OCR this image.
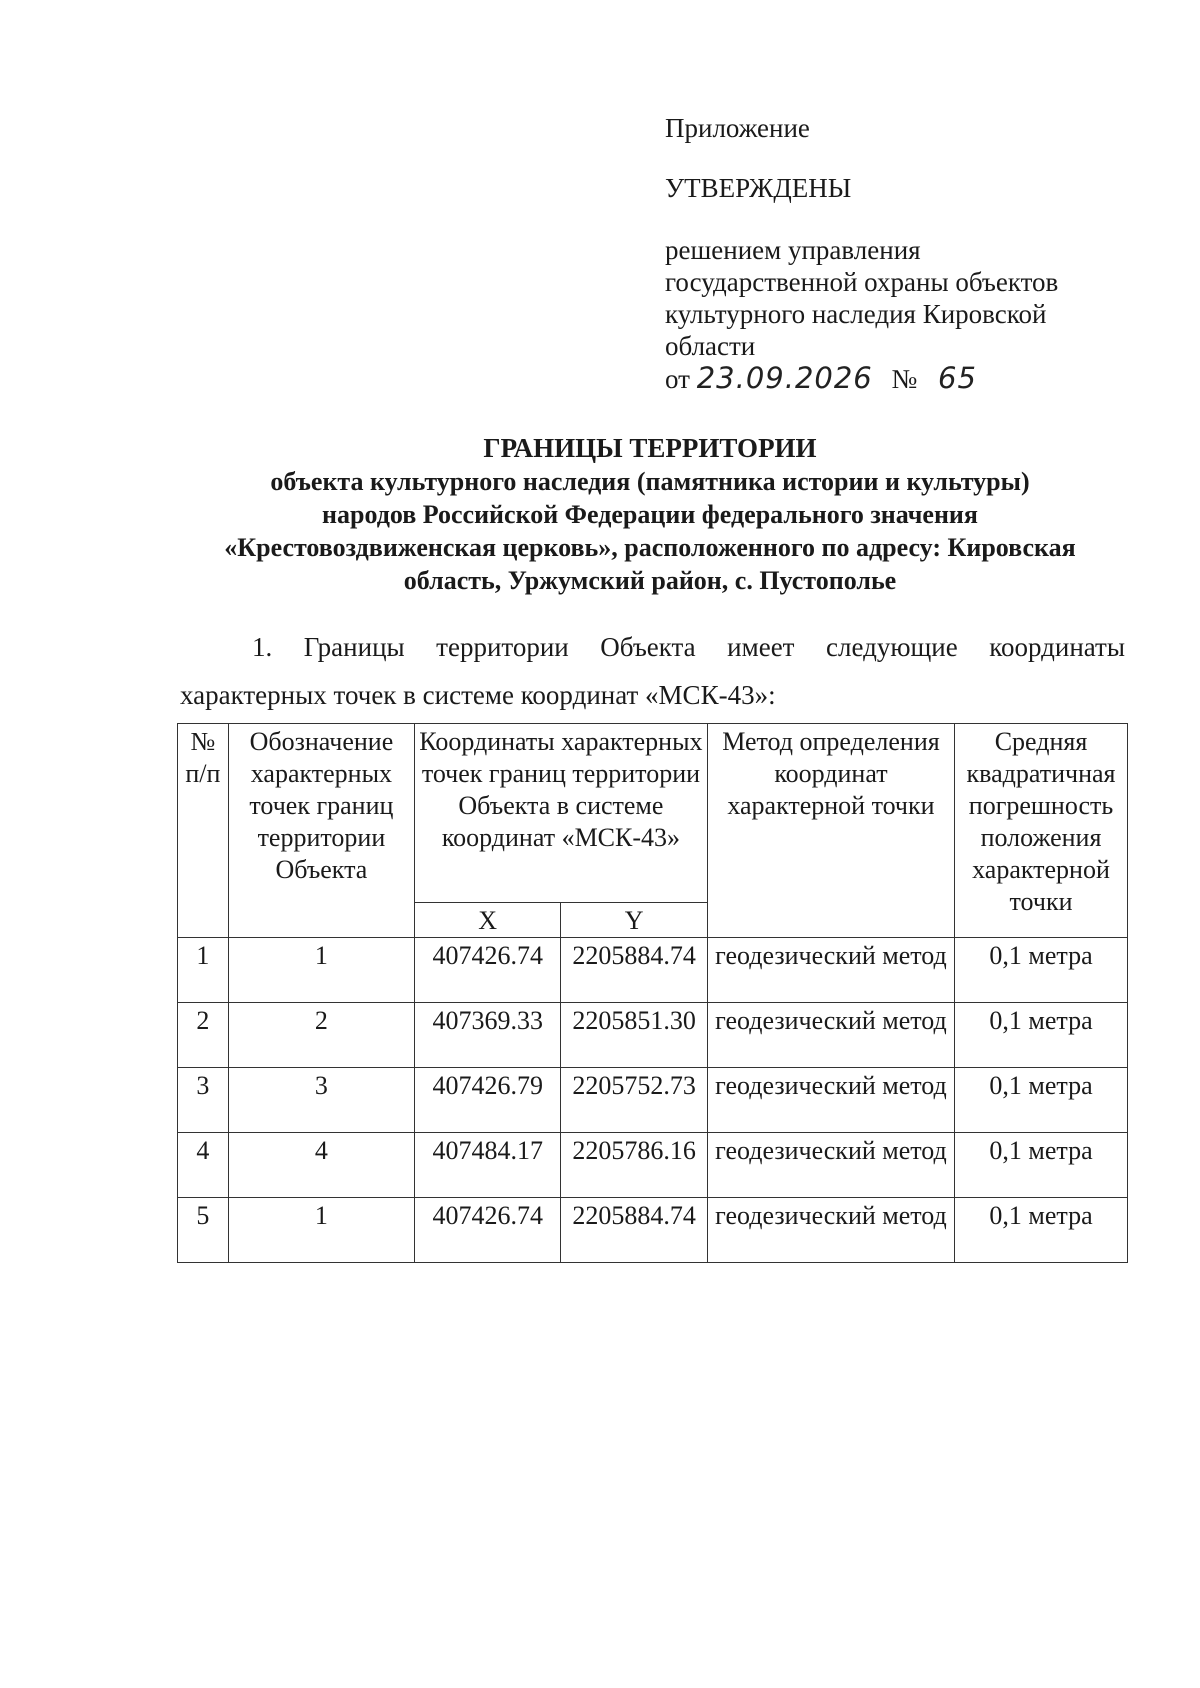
Приложение
УТВЕРЖДЕНЫ
решением управления
государственной охраны объектов
культурного наследия Кировской
области
от 23.09.2026 № 65
ГРАНИЦЫ ТЕРРИТОРИИ
объекта культурного наследия (памятника истории и культуры)
народов Российской Федерации федерального значения
«Крестовоздвиженская церковь», расположенного по адресу: Кировская
область, Уржумский район, с. Пустополье
1. Границы территории Объекта имеет следующие координаты
характерных точек в системе координат «МСК-43»:
№ п/п	Обозначение характерных точек границ территории Объекта	Координаты характерных точек границ территории Объекта в системе координат «МСК-43»		Метод определения координат характерной точки	Средняя квадратичная погрешность положения характерной точки
		X	Y		
1	1	407426.74	2205884.74	геодезический метод	0,1 метра
2	2	407369.33	2205851.30	геодезический метод	0,1 метра
3	3	407426.79	2205752.73	геодезический метод	0,1 метра
4	4	407484.17	2205786.16	геодезический метод	0,1 метра
5	1	407426.74	2205884.74	геодезический метод	0,1 метра
